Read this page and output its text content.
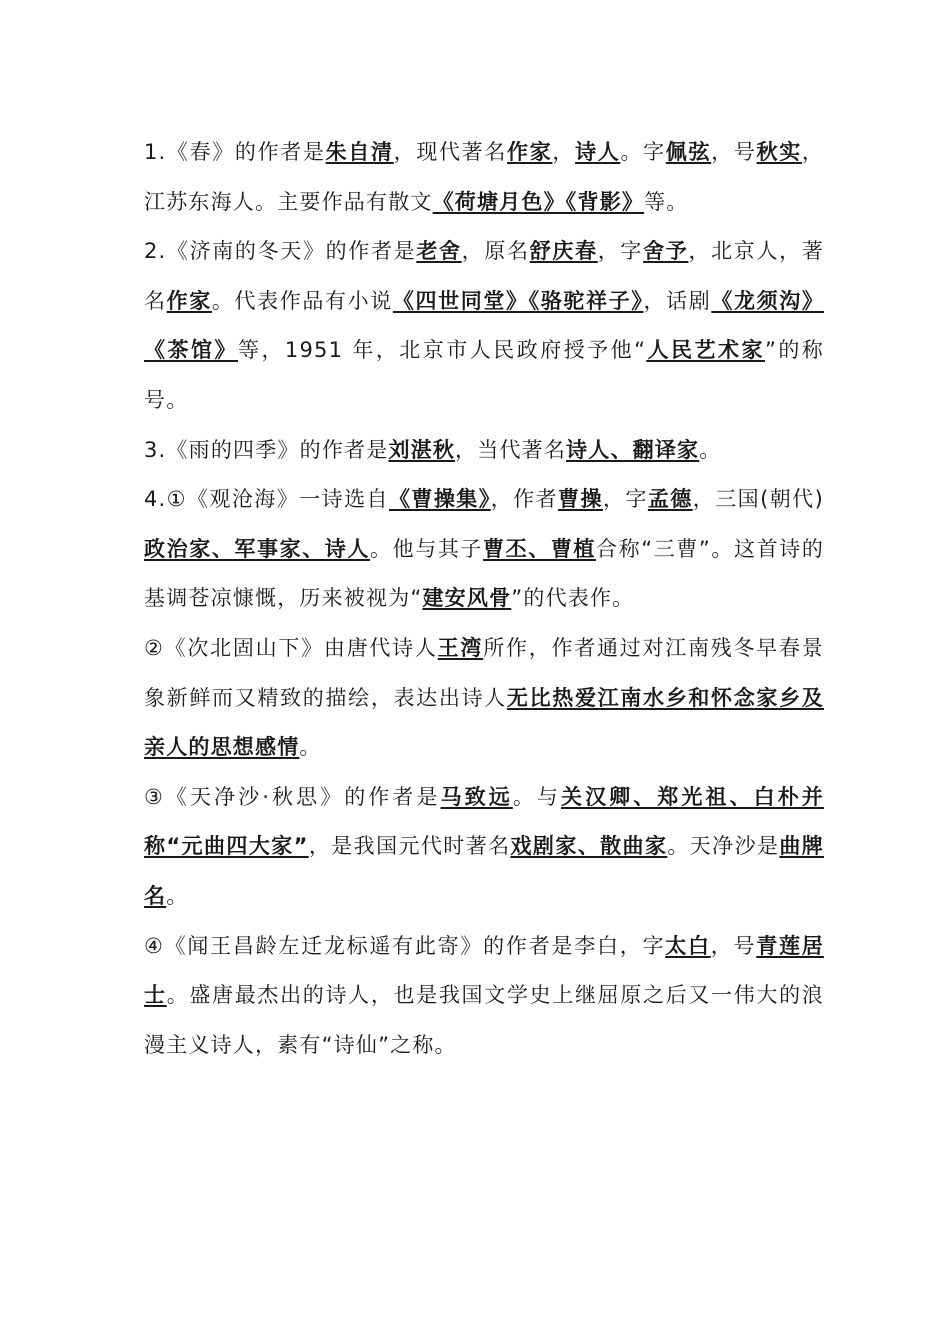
1.《春》的作者是朱自清，现代著名作家，诗人。字佩弦，号秋实，江苏东海人。主要作品有散文《荷塘月色》《背影》等。

2.《济南的冬天》的作者是老舍，原名舒庆春，字舍予，北京人，著名作家。代表作品有小说《四世同堂》《骆驼祥子》，话剧《龙须沟》《茶馆》等，1951 年，北京市人民政府授予他“人民艺术家”的称号。

3.《雨的四季》的作者是刘湛秋，当代著名诗人、翻译家。

4.①《观沧海》一诗选自《曹操集》，作者曹操，字孟德，三国(朝代)政治家、军事家、诗人。他与其子曹丕、曹植合称“三曹”。这首诗的基调苍凉慷慨，历来被视为“建安风骨”的代表作。

②《次北固山下》由唐代诗人王湾所作，作者通过对江南残冬早春景象新鲜而又精致的描绘，表达出诗人无比热爱江南水乡和怀念家乡及亲人的思想感情。

③《天净沙·秋思》的作者是马致远。与关汉卿、郑光祖、白朴并称“元曲四大家”，是我国元代时著名戏剧家、散曲家。天净沙是曲牌名。

④《闻王昌龄左迁龙标遥有此寄》的作者是李白，字太白，号青莲居士。盛唐最杰出的诗人，也是我国文学史上继屈原之后又一伟大的浪漫主义诗人，素有“诗仙”之称。
